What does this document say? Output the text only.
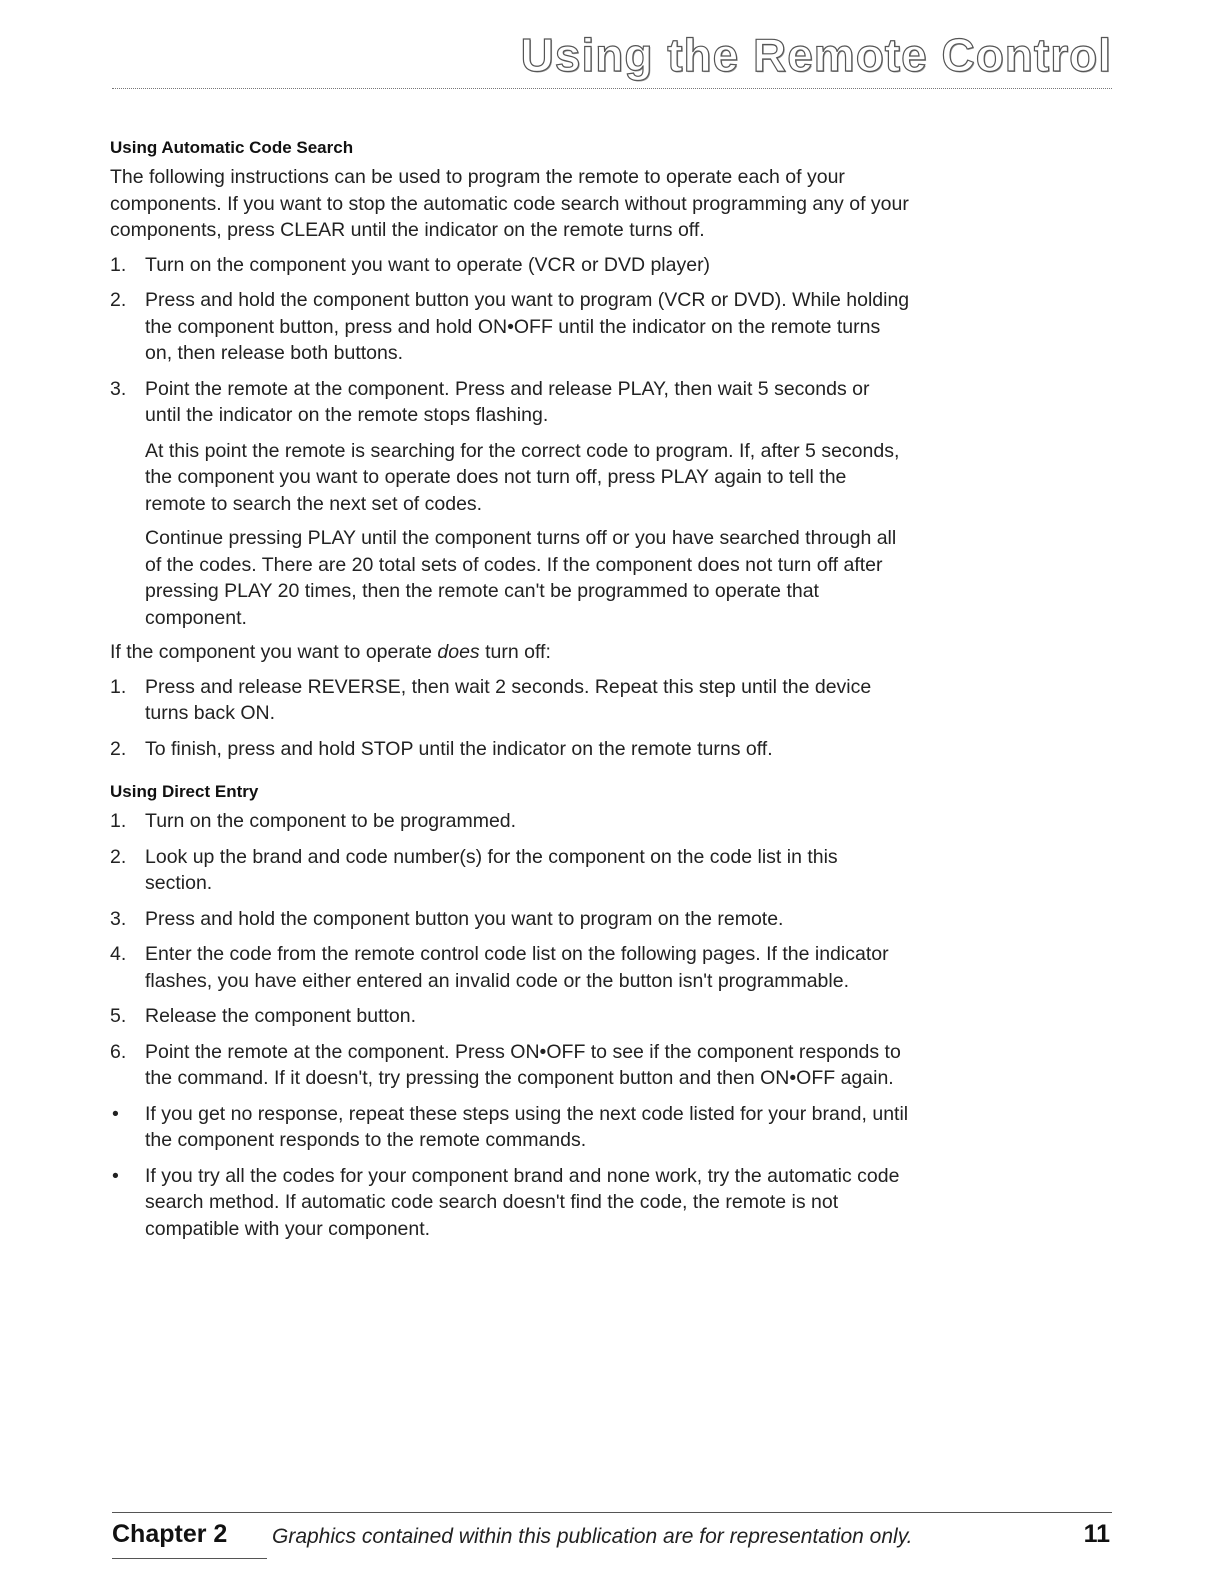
Using the Remote Control
Using Automatic Code Search

The following instructions can be used to program the remote to operate each of your components. If you want to stop the automatic code search without programming any of your components, press CLEAR until the indicator on the remote turns off.

1. Turn on the component you want to operate (VCR or DVD player)
2. Press and hold the component button you want to program (VCR or DVD). While holding the component button, press and hold ON•OFF until the indicator on the remote turns on, then release both buttons.
3. Point the remote at the component. Press and release PLAY, then wait 5 seconds or until the indicator on the remote stops flashing.

At this point the remote is searching for the correct code to program. If, after 5 seconds, the component you want to operate does not turn off, press PLAY again to tell the remote to search the next set of codes.

Continue pressing PLAY until the component turns off or you have searched through all of the codes. There are 20 total sets of codes. If the component does not turn off after pressing PLAY 20 times, then the remote can't be programmed to operate that component.

If the component you want to operate does turn off:

1. Press and release REVERSE, then wait 2 seconds. Repeat this step until the device turns back ON.
2. To finish, press and hold STOP until the indicator on the remote turns off.
Using Direct Entry
1. Turn on the component to be programmed.
2. Look up the brand and code number(s) for the component on the code list in this section.
3. Press and hold the component button you want to program on the remote.
4. Enter the code from the remote control code list on the following pages. If the indicator flashes, you have either entered an invalid code or the button isn't programmable.
5. Release the component button.
6. Point the remote at the component. Press ON•OFF to see if the component responds to the command. If it doesn't, try pressing the component button and then ON•OFF again.
• If you get no response, repeat these steps using the next code listed for your brand, until the component responds to the remote commands.
• If you try all the codes for your component brand and none work, try the automatic code search method. If automatic code search doesn't find the code, the remote is not compatible with your component.
Chapter 2 Graphics contained within this publication are for representation only.	11
